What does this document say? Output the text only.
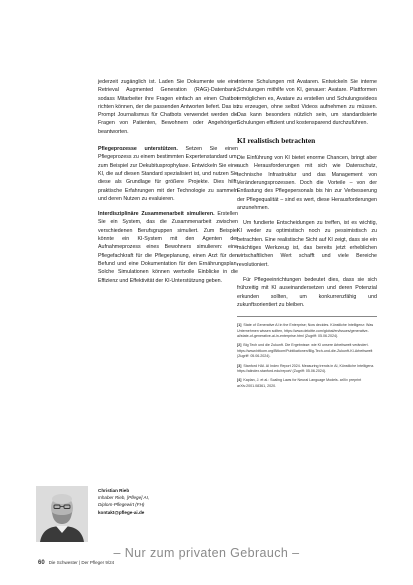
jederzeit zugänglich ist. Laden Sie Dokumente wie eine Retrieval Augmented Generation (RAG)-Datenbank, sodass Mitarbeiter ihre Fragen einfach an einen Chatbot richten können, der die passenden Antworten liefert. Das ist Prompt Journalismus für Chatbots verwendet werden die Fragen von Patienten, Bewohnern oder Angehörigen beantworten.

Pflegeprozesse unterstützen. Setzen Sie einen Pflegeprozess zu einem bestimmten Expertenstandard um, zum Beispiel zur Dekubitusprophylaxe. Entwickeln Sie eine KI, die auf diesen Standard spezialisiert ist, und nutzen Sie diese als Grundlage für größere Projekte. Dies hilft, praktische Erfahrungen mit der Technologie zu sammeln und deren Nutzen zu evaluieren.

Interdisziplinäre Zusammenarbeit simulieren. Erstellen Sie ein System, das die Zusammenarbeit zwischen verschiedenen Berufsgruppen simuliert. Zum Beispiel könnte ein KI-System mit den Agenten der Aufnahmeprozess eines Bewohners simulieren: eine Pflegefachkraft für die Pflegeplanung, einen Arzt für den Befund und eine Dokumentation für den Ernährungsplan. Solche Simulationen können wertvolle Einblicke in die Effizienz und Effektivität der KI-Unterstützung geben.

Interne Schulungen mit Avataren. Entwickeln Sie interne Schulungen mithilfe von KI, genauer: Avatare. Plattformen ermöglichen es, Avatare zu erstellen und Schulungsvideos zu erzeugen, ohne selbst Videos aufnehmen zu müssen. Das kann besonders nützlich sein, um standardisierte Schulungen effizient und kostensparend durchzuführen.

KI realistisch betrachten

Die Einführung von KI bietet enorme Chancen, bringt aber auch Herausforderungen mit sich wie Datenschutz, technische Infrastruktur und das Management von Veränderungsprozessen. Doch die Vorteile – von der Entlastung des Pflegepersonals bis hin zur Verbesserung der Pflegequalität – sind es wert, diese Herausforderungen anzunehmen.

Um fundierte Entscheidungen zu treffen, ist es wichtig, KI weder zu optimistisch noch zu pessimistisch zu betrachten. Eine realistische Sicht auf KI zeigt, dass sie ein mächtiges Werkzeug ist, das bereits jetzt erheblichen wirtschaftlichen Wert schafft und viele Bereiche revolutioniert.

Für Pflegeeinrichtungen bedeutet dies, dass sie sich frühzeitig mit KI auseinandersetzen und deren Potenzial erkunden sollten, um konkurrenzfähig und zukunftsorientiert zu bleiben.

[1] State of Generative AI in the Enterprise; Now decides. Künstliche Intelligenz: Was Unternehmen wissen sollten, https://www.deloitte.com/global/en/issues/generative-ai/state-of-generative-ai-in-enterprise.html (Zugriff: 05.06.2024).
[2] Big Tech und die Zukunft. Die Ergebnisse: wie KI unsere Arbeitswelt verändert. https://www.bitkom.org/Bitkom/Publikationen/Big-Tech-und-die-Zukunft-KI-Arbeitswelt (Zugriff: 05.06.2024).
[3] Stanford HAI. AI Index Report 2024. Measuring trends in AI, Künstliche Intelligenz. https://aiindex.stanford.edu/report/ (Zugriff: 05.06.2024).
[4] Kaplan, J. et al.: Scaling Laws for Neural Language Models. arXiv preprint arXiv:2001.08361, 2020.
Christian Rieb
Inhaber Rieb, [Pflege] AI,
Diplom-Pflegewirt (FH)
kontakt@pflege-ai.de
– Nur zum privaten Gebrauch –
60 Die Schwester | Der Pfleger 9/24
